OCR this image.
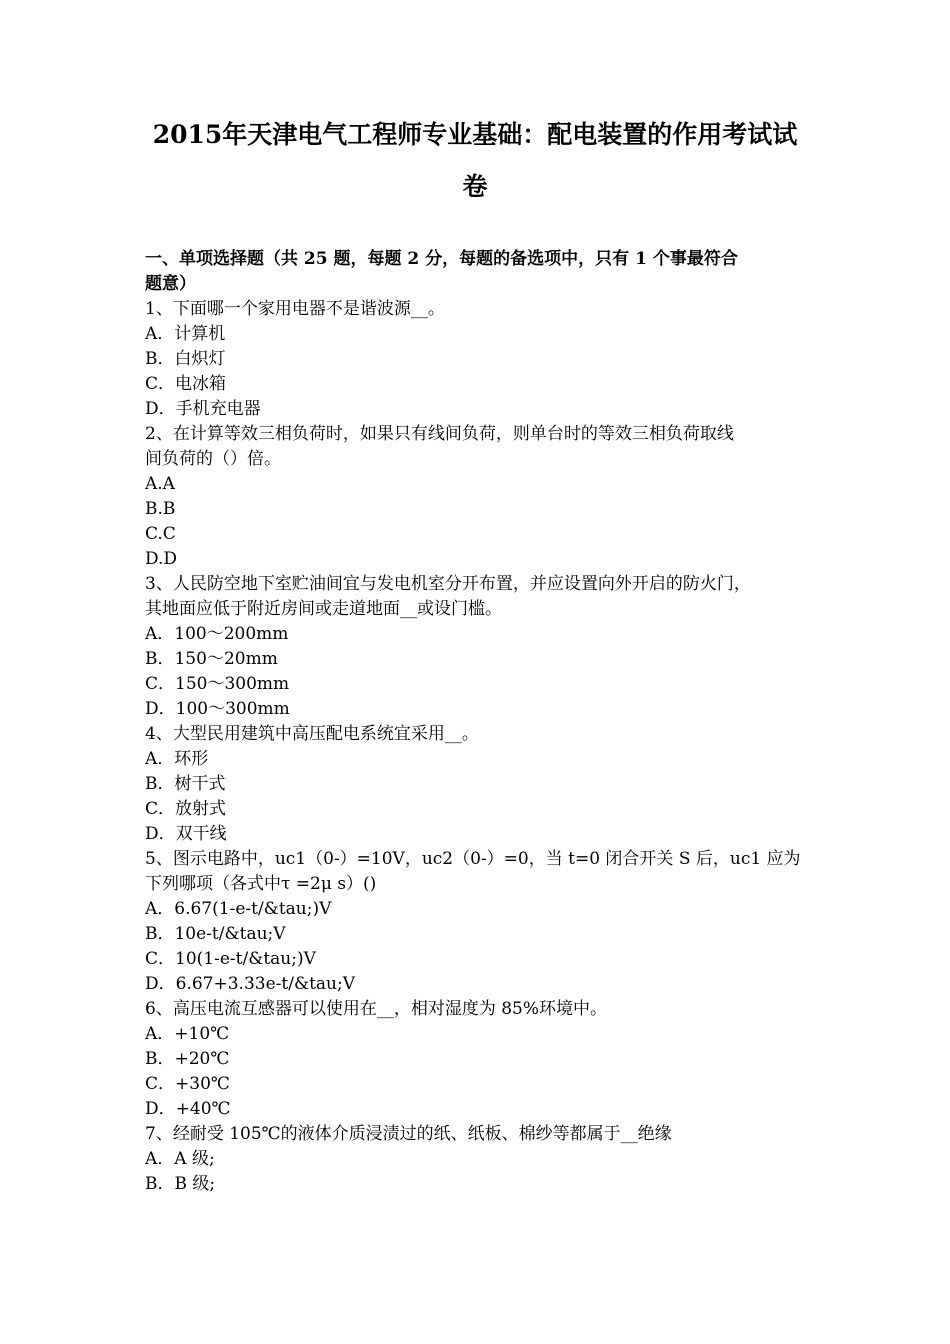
2015年天津电气工程师专业基础：配电装置的作用考试试
卷
一、单项选择题（共 25 题，每题 2 分，每题的备选项中，只有 1 个事最符合
题意）
1、下面哪一个家用电器不是谐波源__。
A．计算机
B．白炽灯
C．电冰箱
D．手机充电器
2、在计算等效三相负荷时，如果只有线间负荷，则单台时的等效三相负荷取线
间负荷的（）倍。
A.A
B.B
C.C
D.D
3、人民防空地下室贮油间宜与发电机室分开布置，并应设置向外开启的防火门，
其地面应低于附近房间或走道地面__或设门槛。
A．100～200mm
B．150～20mm
C．150～300mm
D．100～300mm
4、大型民用建筑中高压配电系统宜采用__。
A．环形
B．树干式
C．放射式
D．双干线
5、图示电路中，uc1（0-）=10V，uc2（0-）=0，当 t=0 闭合开关 S 后，uc1 应为
下列哪项（各式中τ =2μ s）()
A．6.67(1-e-t/&tau;)V
B．10e-t/&tau;V
C．10(1-e-t/&tau;)V
D．6.67+3.33e-t/&tau;V
6、高压电流互感器可以使用在__，相对湿度为 85%环境中。
A．+10℃
B．+20℃
C．+30℃
D．+40℃
7、经耐受 105℃的液体介质浸渍过的纸、纸板、棉纱等都属于__绝缘
A．A 级;
B．B 级;
